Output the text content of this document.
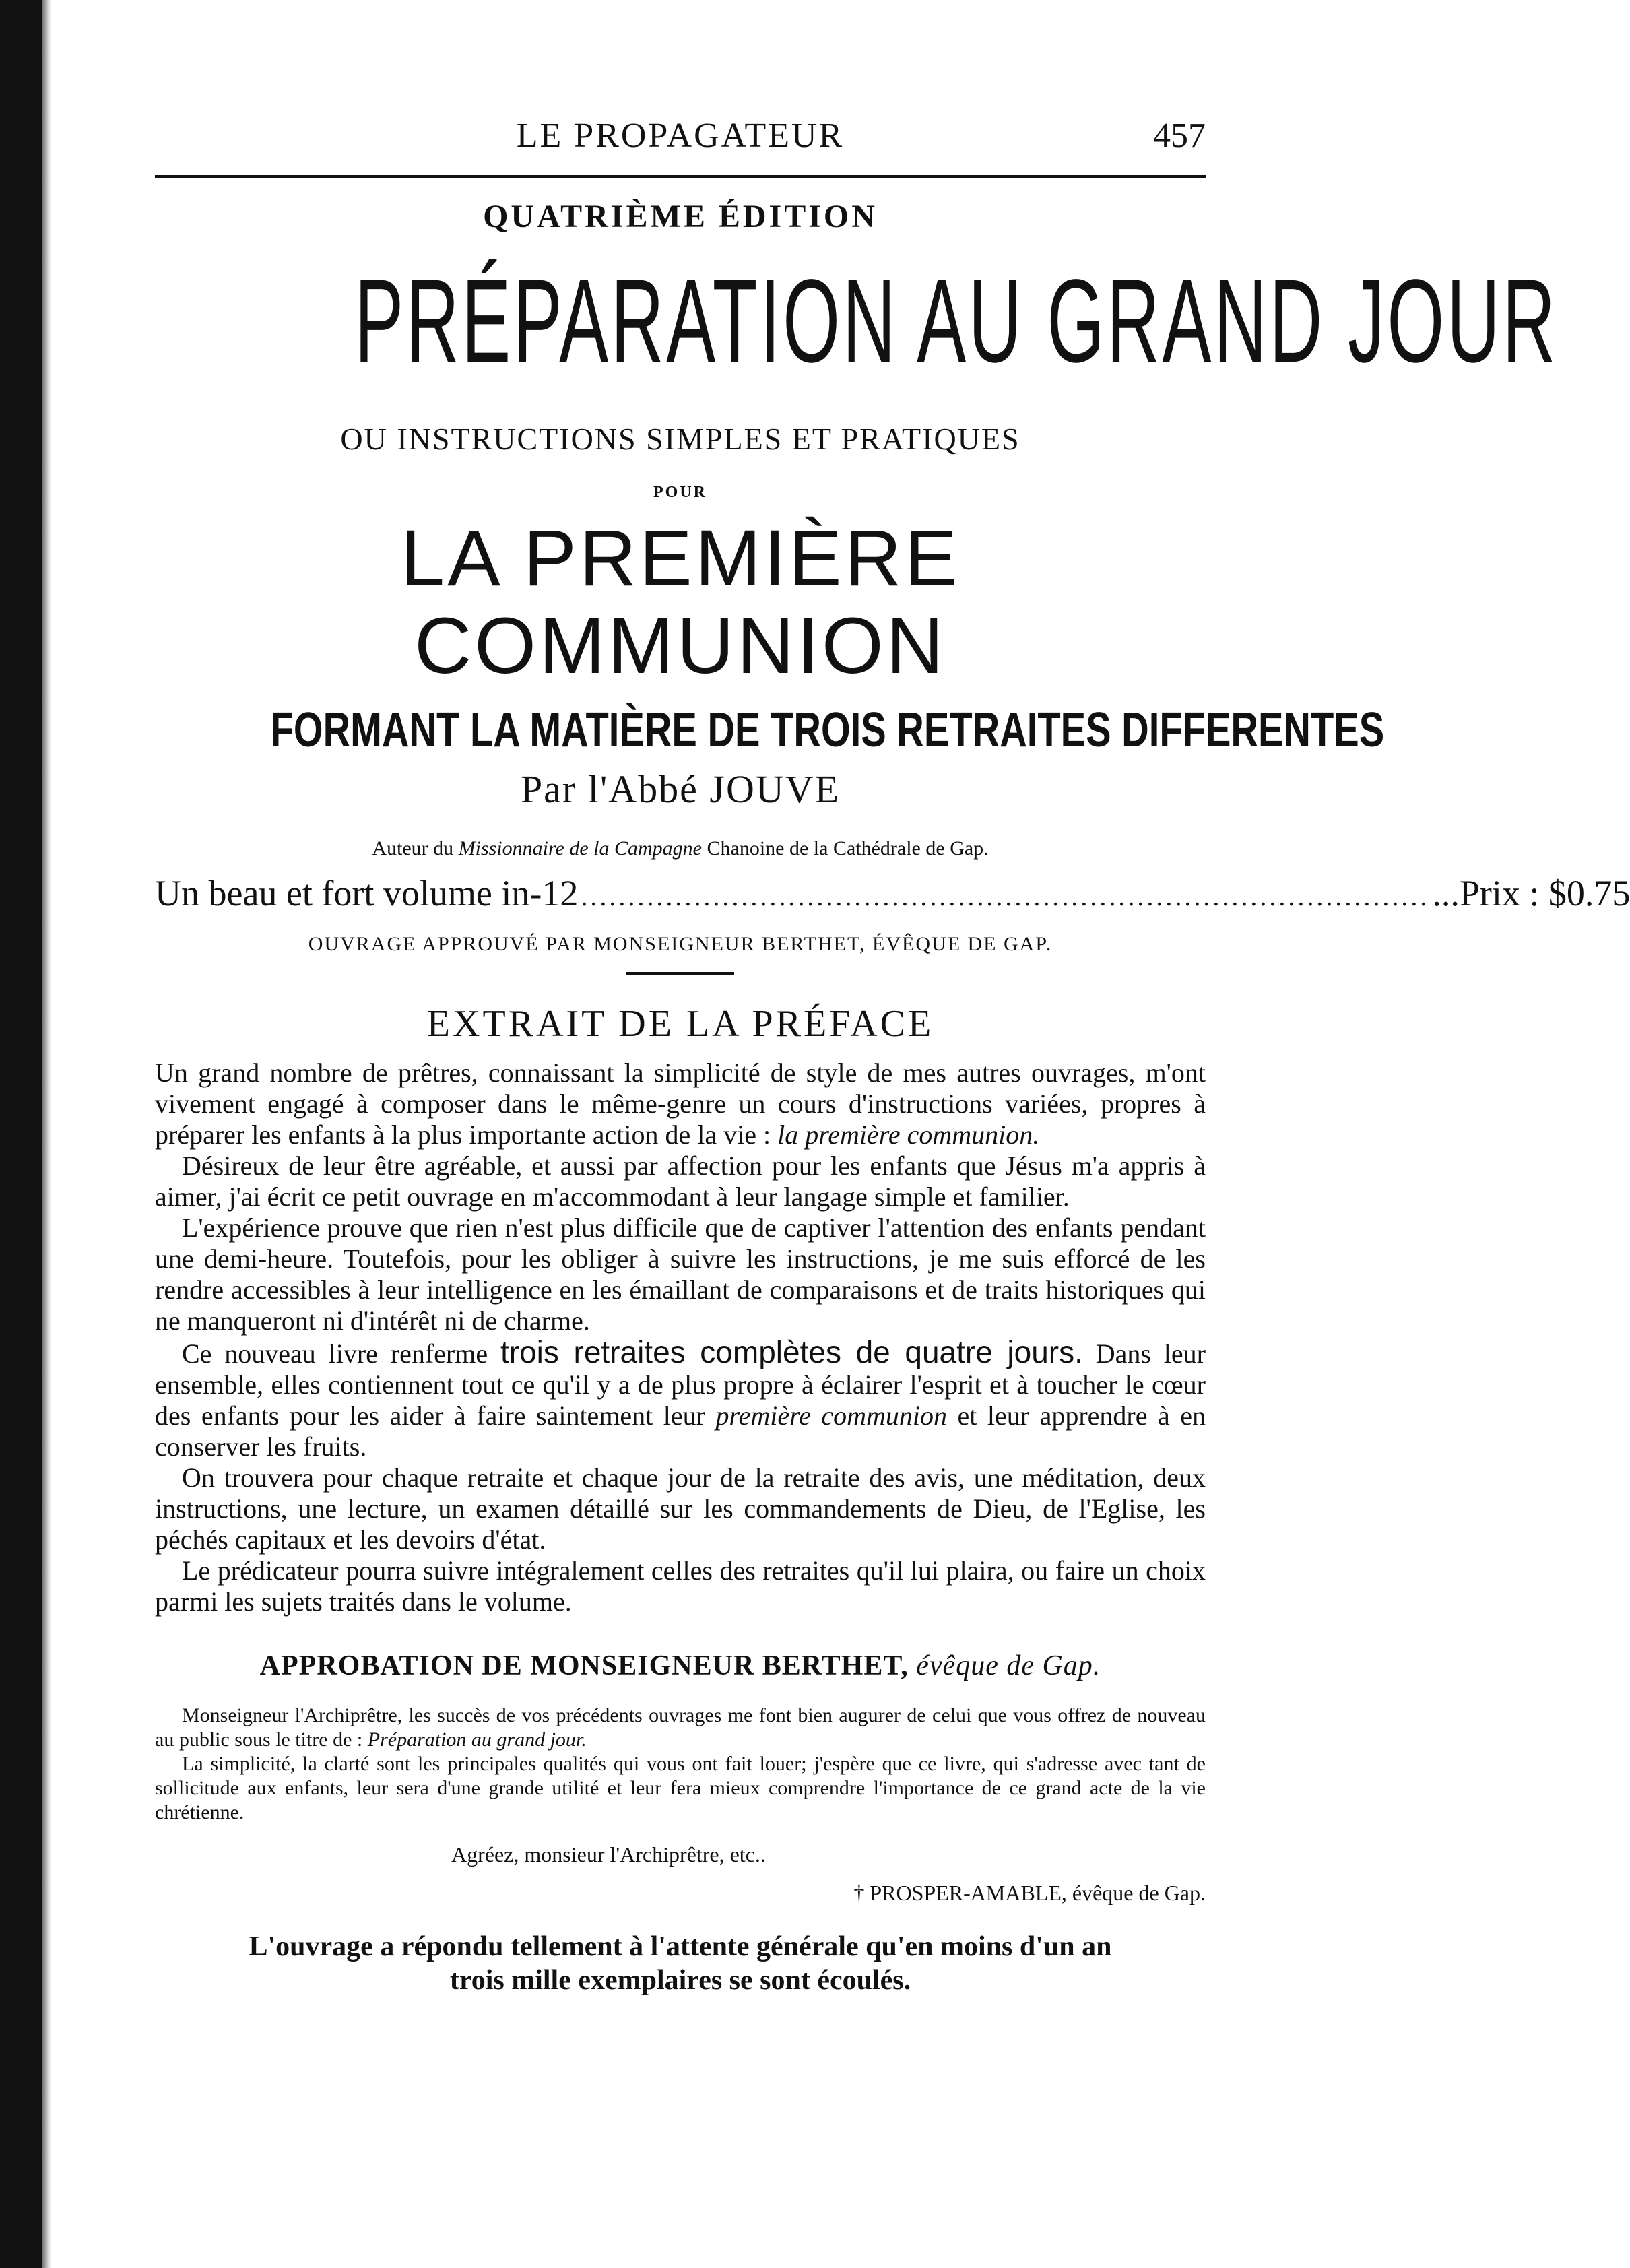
LE PROPAGATEUR	457
QUATRIÈME ÉDITION
PRÉPARATION AU GRAND JOUR
OU INSTRUCTIONS SIMPLES ET PRATIQUES
POUR
LA PREMIÈRE COMMUNION
FORMANT LA MATIÈRE DE TROIS RETRAITES DIFFERENTES
Par l'Abbé JOUVE
Auteur du Missionnaire de la Campagne Chanoine de la Cathédrale de Gap.
Un beau et fort volume in-12 .......................................................................................... ...Prix : $0.75
OUVRAGE APPROUVÉ PAR MONSEIGNEUR BERTHET, ÉVÊQUE DE GAP.
EXTRAIT DE LA PRÉFACE

Un grand nombre de prêtres, connaissant la simplicité de style de mes autres ouvrages, m'ont vivement engagé à composer dans le même-genre un cours d'instructions variées, propres à préparer les enfants à la plus importante action de la vie : la première communion.

Désireux de leur être agréable, et aussi par affection pour les enfants que Jésus m'a appris à aimer, j'ai écrit ce petit ouvrage en m'accommodant à leur langage simple et familier.

L'expérience prouve que rien n'est plus difficile que de captiver l'attention des enfants pendant une demi-heure. Toutefois, pour les obliger à suivre les instructions, je me suis efforcé de les rendre accessibles à leur intelligence en les émaillant de comparaisons et de traits historiques qui ne manqueront ni d'intérêt ni de charme.

Ce nouveau livre renferme trois retraites complètes de quatre jours. Dans leur ensemble, elles contiennent tout ce qu'il y a de plus propre à éclairer l'esprit et à toucher le cœur des enfants pour les aider à faire saintement leur première communion et leur apprendre à en conserver les fruits.

On trouvera pour chaque retraite et chaque jour de la retraite des avis, une méditation, deux instructions, une lecture, un examen détaillé sur les commandements de Dieu, de l'Eglise, les péchés capitaux et les devoirs d'état.

Le prédicateur pourra suivre intégralement celles des retraites qu'il lui plaira, ou faire un choix parmi les sujets traités dans le volume.

APPROBATION DE MONSEIGNEUR BERTHET, évêque de Gap.

Monseigneur l'Archiprêtre, les succès de vos précédents ouvrages me font bien augurer de celui que vous offrez de nouveau au public sous le titre de : Préparation au grand jour.

La simplicité, la clarté sont les principales qualités qui vous ont fait louer; j'espère que ce livre, qui s'adresse avec tant de sollicitude aux enfants, leur sera d'une grande utilité et leur fera mieux comprendre l'importance de ce grand acte de la vie chrétienne.

Agréez, monsieur l'Archiprêtre, etc..
† PROSPER-AMABLE, évêque de Gap.
L'ouvrage a répondu tellement à l'attente générale qu'en moins d'un an
trois mille exemplaires se sont écoulés.
